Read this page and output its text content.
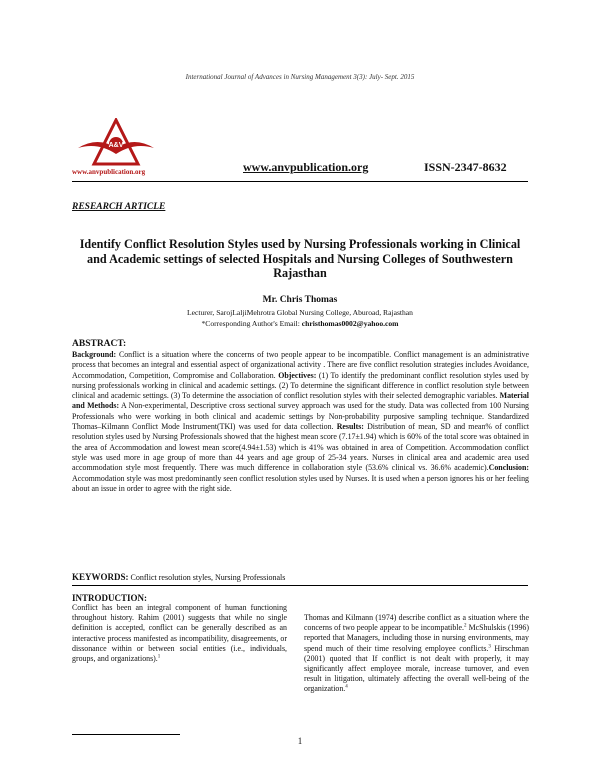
International Journal of Advances in Nursing Management 3(3): July- Sept. 2015
A&V
www.anvpublication.org	www.anvpublication.org	ISSN-2347-8632
RESEARCH ARTICLE
Identify Conflict Resolution Styles used by Nursing Professionals working in Clinical and Academic settings of selected Hospitals and Nursing Colleges of Southwestern Rajasthan
Mr. Chris Thomas
Lecturer, SarojLaljiMehrotra Global Nursing College, Aburoad, Rajasthan
*Corresponding Author's Email: christhomas0002@yahoo.com
ABSTRACT:
Background: Conflict is a situation where the concerns of two people appear to be incompatible. Conflict management is an administrative process that becomes an integral and essential aspect of organizational activity . There are five conflict resolution strategies includes Avoidance, Accommodation, Competition, Compromise and Collaboration. Objectives: (1) To identify the predominant conflict resolution styles used by nursing professionals working in clinical and academic settings. (2) To determine the significant difference in conflict resolution style between clinical and academic settings. (3) To determine the association of conflict resolution styles with their selected demographic variables. Material and Methods: A Non-experimental, Descriptive cross sectional survey approach was used for the study. Data was collected from 100 Nursing Professionals who were working in both clinical and academic settings by Non-probability purposive sampling technique. Standardized Thomas–Kilmann Conflict Mode Instrument(TKI) was used for data collection. Results: Distribution of mean, SD and mean% of conflict resolution styles used by Nursing Professionals showed that the highest mean score (7.17±1.94) which is 60% of the total score was obtained in the area of Accommodation and lowest mean score(4.94±1.53) which is 41% was obtained in area of Competition. Accommodation conflict style was used more in age group of more than 44 years and age group of 25-34 years. Nurses in clinical area and academic area used accommodation style most frequently. There was much difference in collaboration style (53.6% clinical vs. 36.6% academic).Conclusion: Accommodation style was most predominantly seen conflict resolution styles used by Nurses. It is used when a person ignores his or her feeling about an issue in order to agree with the right side.
KEYWORDS: Conflict resolution styles, Nursing Professionals
INTRODUCTION:
Conflict has been an integral component of human functioning throughout history. Rahim (2001) suggests that while no single definition is accepted, conflict can be generally described as an interactive process manifested as incompatibility, disagreements, or dissonance within or between social entities (i.e., individuals, groups, and organizations).$^1$
Thomas and Kilmann (1974) describe conflict as a situation where the concerns of two people appear to be incompatible.$^2$ McShulskis (1996) reported that Managers, including those in nursing environments, may spend much of their time resolving employee conflicts.$^3$ Hirschman (2001) quoted that If conflict is not dealt with properly, it may significantly affect employee morale, increase turnover, and even result in litigation, ultimately affecting the overall well-being of the organization.$^4$
1
